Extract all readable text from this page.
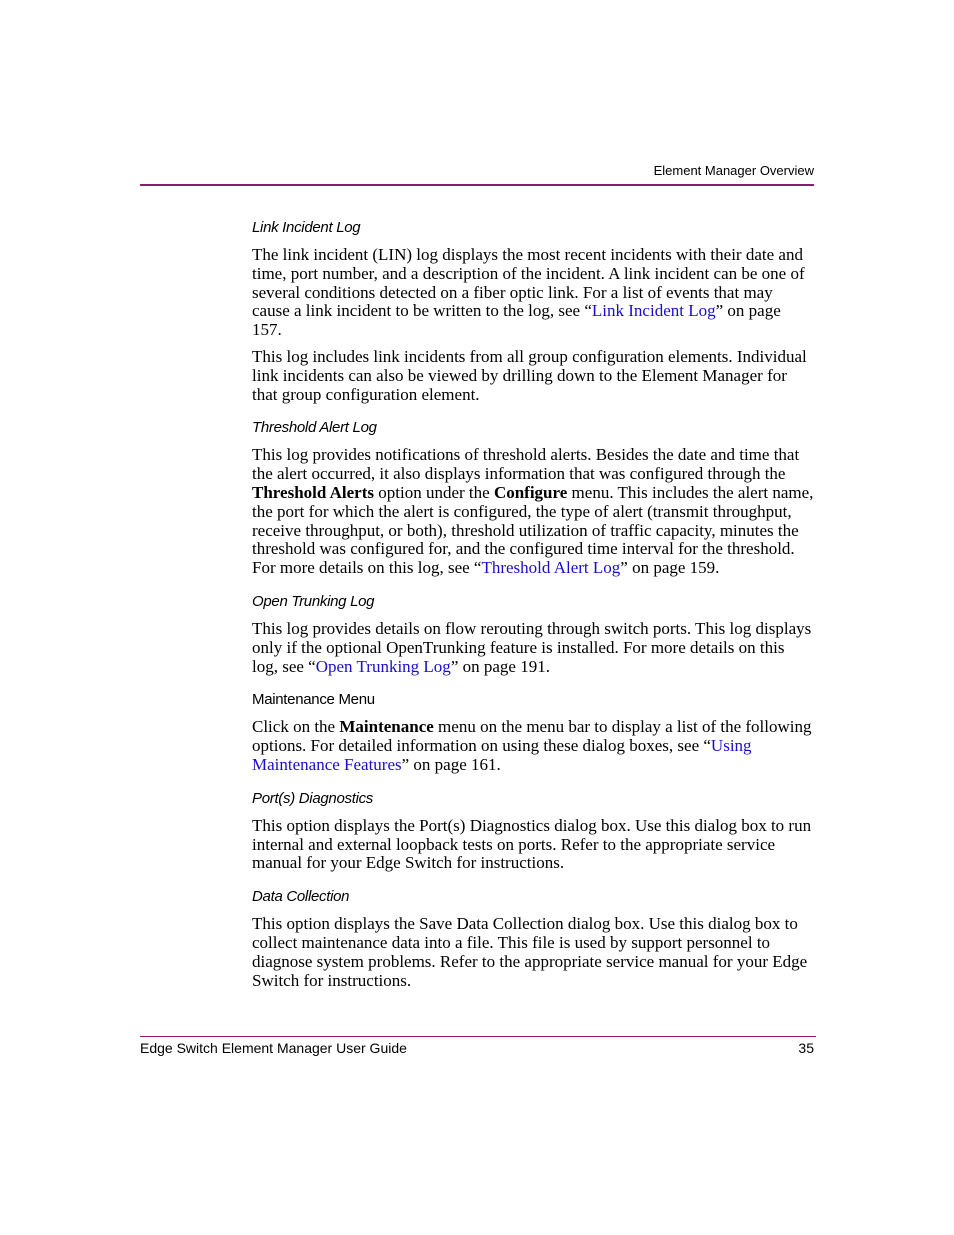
Element Manager Overview
Link Incident Log

The link incident (LIN) log displays the most recent incidents with their date and time, port number, and a description of the incident. A link incident can be one of several conditions detected on a fiber optic link. For a list of events that may cause a link incident to be written to the log, see “Link Incident Log” on page 157.

This log includes link incidents from all group configuration elements. Individual link incidents can also be viewed by drilling down to the Element Manager for that group configuration element.

Threshold Alert Log

This log provides notifications of threshold alerts. Besides the date and time that the alert occurred, it also displays information that was configured through the Threshold Alerts option under the Configure menu. This includes the alert name, the port for which the alert is configured, the type of alert (transmit throughput, receive throughput, or both), threshold utilization of traffic capacity, minutes the threshold was configured for, and the configured time interval for the threshold. For more details on this log, see “Threshold Alert Log” on page 159.

Open Trunking Log

This log provides details on flow rerouting through switch ports. This log displays only if the optional OpenTrunking feature is installed. For more details on this log, see “Open Trunking Log” on page 191.

Maintenance Menu

Click on the Maintenance menu on the menu bar to display a list of the following options. For detailed information on using these dialog boxes, see “Using Maintenance Features” on page 161.

Port(s) Diagnostics

This option displays the Port(s) Diagnostics dialog box. Use this dialog box to run internal and external loopback tests on ports. Refer to the appropriate service manual for your Edge Switch for instructions.

Data Collection

This option displays the Save Data Collection dialog box. Use this dialog box to collect maintenance data into a file. This file is used by support personnel to diagnose system problems. Refer to the appropriate service manual for your Edge Switch for instructions.

Edge Switch Element Manager User Guide	35
